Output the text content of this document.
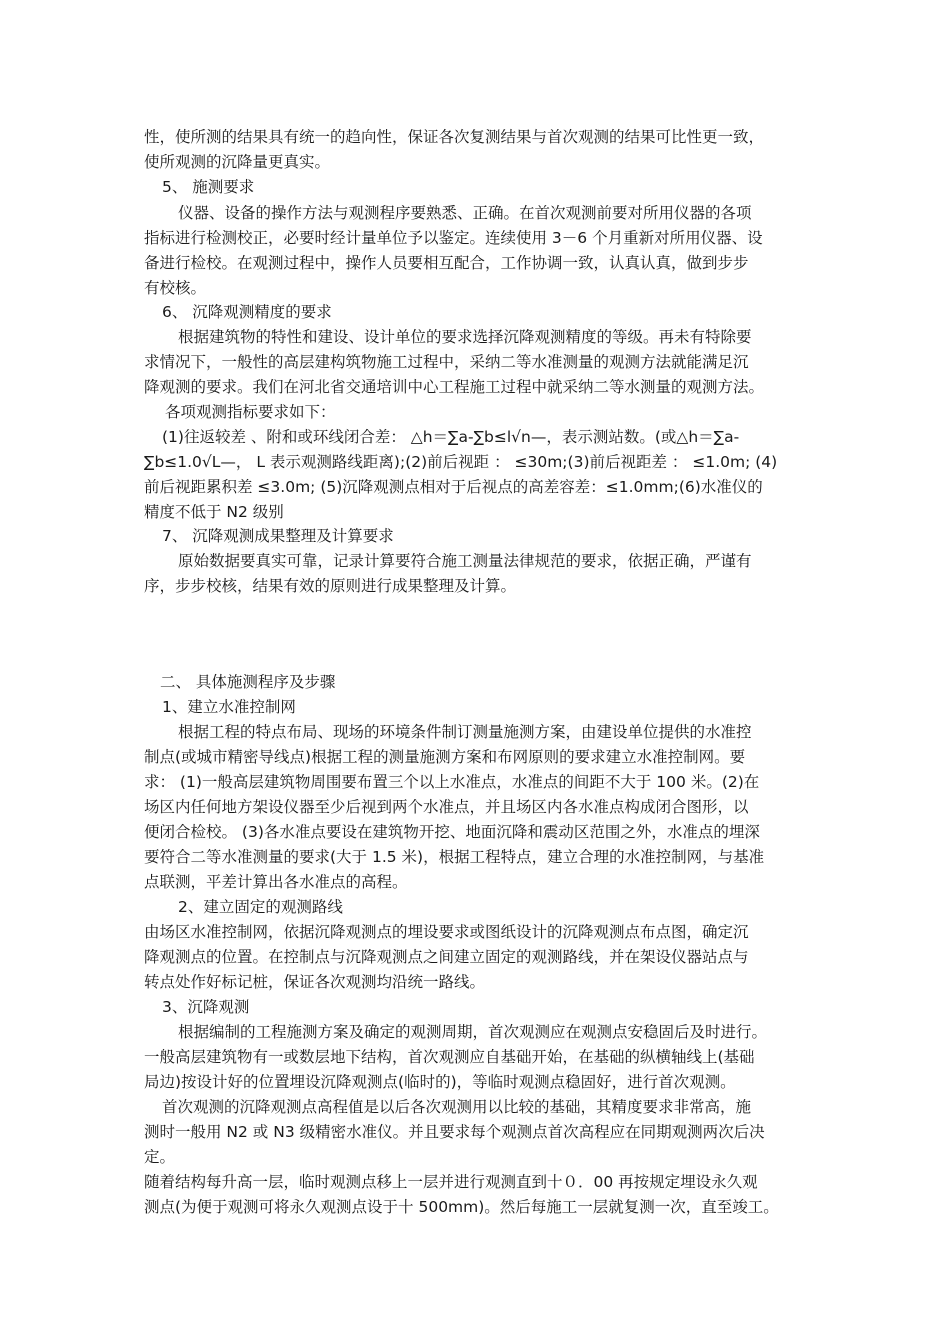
性，使所测的结果具有统一的趋向性，保证各次复测结果与首次观测的结果可比性更一致，
使所观测的沉降量更真实。
5、 施测要求
仪器、设备的操作方法与观测程序要熟悉、正确。在首次观测前要对所用仪器的各项
指标进行检测校正，必要时经计量单位予以鉴定。连续使用 3－6 个月重新对所用仪器、设
备进行检校。在观测过程中，操作人员要相互配合，工作协调一致，认真认真，做到步步
有校核。
6、 沉降观测精度的要求
根据建筑物的特性和建设、设计单位的要求选择沉降观测精度的等级。再未有特除要
求情况下，一般性的高层建构筑物施工过程中，采纳二等水准测量的观测方法就能满足沉
降观测的要求。我们在河北省交通培训中心工程施工过程中就采纳二等水测量的观测方法。
各项观测指标要求如下：
(1)往返较差 、附和或环线闭合差： △h＝∑a-∑b≤l√n—，表示测站数。(或△h＝∑a-
∑b≤1.0√L—， L 表示观测路线距离);(2)前后视距 ： ≤30m;(3)前后视距差 ： ≤1.0m; (4)
前后视距累积差 ≤3.0m; (5)沉降观测点相对于后视点的高差容差：≤1.0mm;(6)水准仪的
精度不低于 N2 级别
7、 沉降观测成果整理及计算要求
原始数据要真实可靠，记录计算要符合施工测量法律规范的要求，依据正确，严谨有
序，步步校核，结果有效的原则进行成果整理及计算。
二、 具体施测程序及步骤
1、建立水准控制网
根据工程的特点布局、现场的环境条件制订测量施测方案，由建设单位提供的水准控
制点(或城市精密导线点)根据工程的测量施测方案和布网原则的要求建立水准控制网。要
求： (1)一般高层建筑物周围要布置三个以上水准点，水准点的间距不大于 100 米。(2)在
场区内任何地方架设仪器至少后视到两个水准点，并且场区内各水准点构成闭合图形，以
便闭合检校。 (3)各水准点要设在建筑物开挖、地面沉降和震动区范围之外，水准点的埋深
要符合二等水准测量的要求(大于 1.5 米)，根据工程特点，建立合理的水准控制网，与基准
点联测，平差计算出各水准点的高程。
2、建立固定的观测路线
由场区水准控制网，依据沉降观测点的埋设要求或图纸设计的沉降观测点布点图，确定沉
降观测点的位置。在控制点与沉降观测点之间建立固定的观测路线，并在架设仪器站点与
转点处作好标记桩，保证各次观测均沿统一路线。
3、沉降观测
根据编制的工程施测方案及确定的观测周期，首次观测应在观测点安稳固后及时进行。
一般高层建筑物有一或数层地下结构，首次观测应自基础开始，在基础的纵横轴线上(基础
局边)按设计好的位置埋设沉降观测点(临时的)，等临时观测点稳固好，进行首次观测。
首次观测的沉降观测点高程值是以后各次观测用以比较的基础，其精度要求非常高，施
测时一般用 N2 或 N3 级精密水准仪。并且要求每个观测点首次高程应在同期观测两次后决
定。
随着结构每升高一层，临时观测点移上一层并进行观测直到十０．00 再按规定埋设永久观
测点(为便于观测可将永久观测点设于十 500mm)。然后每施工一层就复测一次，直至竣工。
